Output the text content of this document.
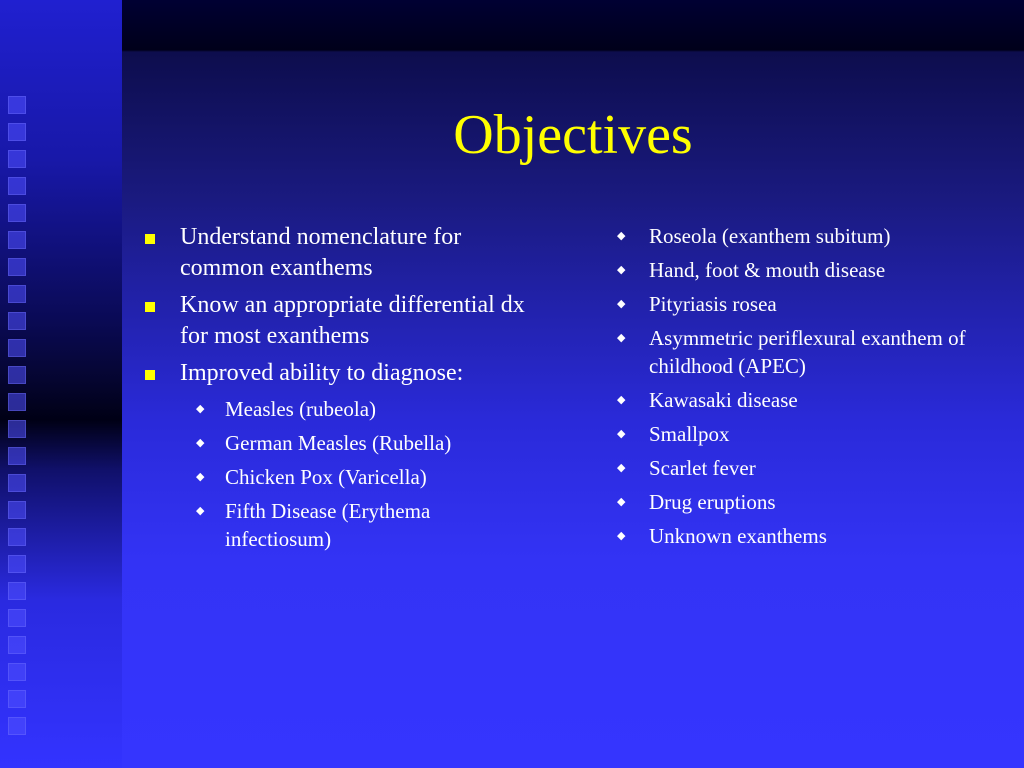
Objectives
Understand nomenclature for common exanthems
Know an appropriate differential dx for most exanthems
Improved ability to diagnose:
◆ Measles (rubeola)
◆ German Measles (Rubella)
◆ Chicken Pox (Varicella)
◆ Fifth Disease (Erythema infectiosum)
◆ Roseola (exanthem subitum)
◆ Hand, foot & mouth disease
◆ Pityriasis rosea
◆ Asymmetric periflexural exanthem of childhood (APEC)
◆ Kawasaki disease
◆ Smallpox
◆ Scarlet fever
◆ Drug eruptions
◆ Unknown exanthems
